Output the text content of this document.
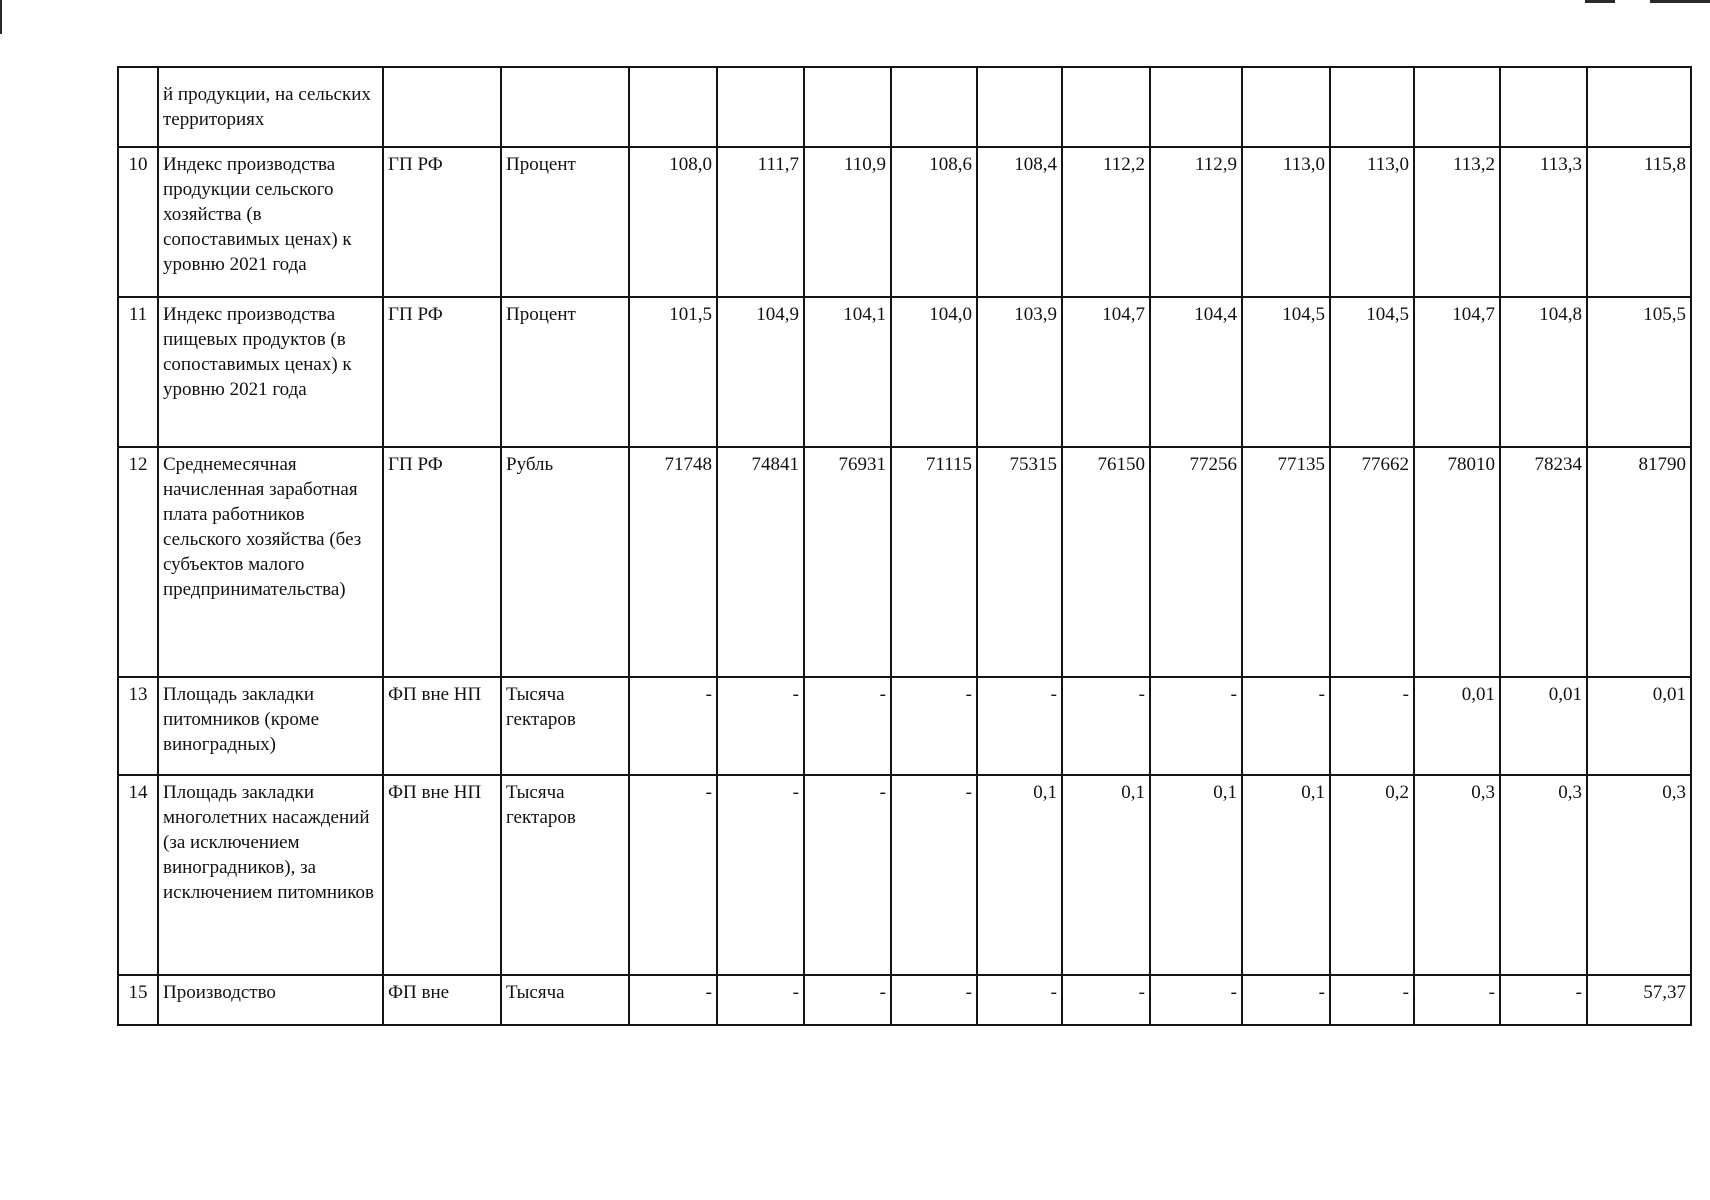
	й продукции, на сельских территориях														
10	Индекс производства продукции сельского хозяйства (в сопоставимых ценах) к уровню 2021 года	ГП РФ	Процент	108,0	111,7	110,9	108,6	108,4	112,2	112,9	113,0	113,0	113,2	113,3	115,8
11	Индекс производства пищевых продуктов (в сопоставимых ценах) к уровню 2021 года	ГП РФ	Процент	101,5	104,9	104,1	104,0	103,9	104,7	104,4	104,5	104,5	104,7	104,8	105,5
12	Среднемесячная начисленная заработная плата работников сельского хозяйства (без субъектов малого предпринимательства)	ГП РФ	Рубль	71748	74841	76931	71115	75315	76150	77256	77135	77662	78010	78234	81790
13	Площадь закладки питомников (кроме виноградных)	ФП вне НП	Тысяча гектаров	-	-	-	-	-	-	-	-	-	0,01	0,01	0,01
14	Площадь закладки многолетних насаждений (за исключением виноградников), за исключением питомников	ФП вне НП	Тысяча гектаров	-	-	-	-	0,1	0,1	0,1	0,1	0,2	0,3	0,3	0,3
15	Производство	ФП вне	Тысяча	-	-	-	-	-	-	-	-	-	-	-	57,37
